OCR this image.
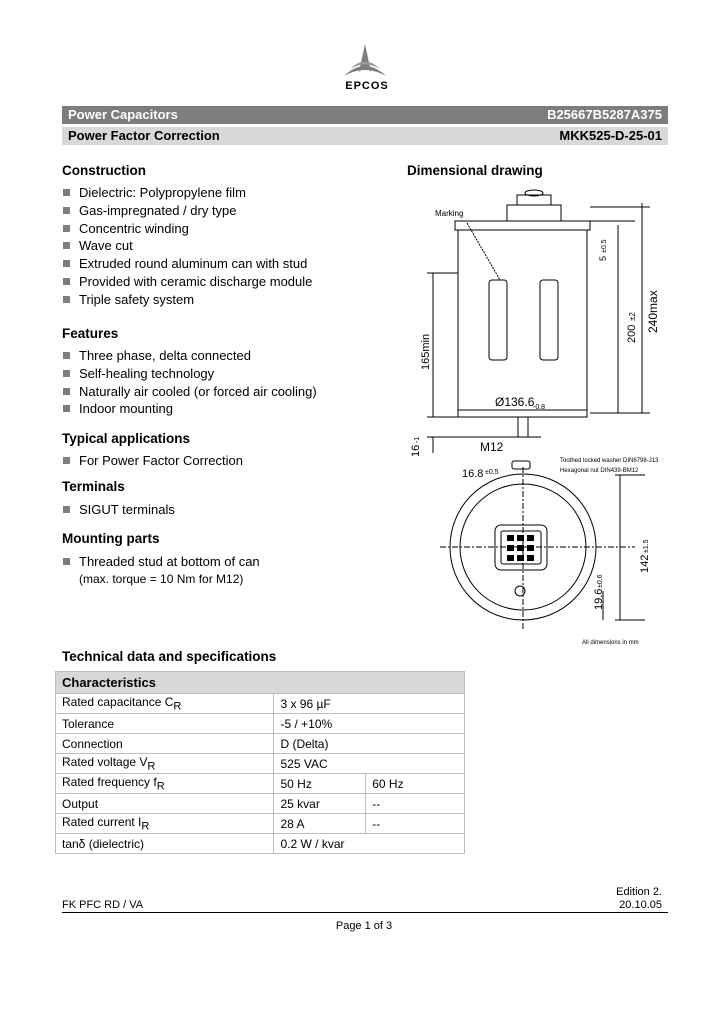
EPCOS
Power Capacitors	B25667B5287A375
Power Factor Correction	MKK525-D-25-01
Construction
Dielectric: Polypropylene film
Gas-impregnated / dry type
Concentric winding
Wave cut
Extruded round aluminum can with stud
Provided with ceramic discharge module
Triple safety system
Features
Three phase, delta connected
Self-healing technology
Naturally air cooled (or forced air cooling)
Indoor mounting
Typical applications
For Power Factor Correction
Terminals
SIGUT terminals
Mounting parts
Threaded stud at bottom of can
(max. torque = 10 Nm for M12)
Dimensional drawing
Marking
5
±0.5
200
±2 240max
165min
Ø136.6
-0.8
M12
16
-1
16.8 ±0.5
Toothed locked washer DIN6798-J13
Hexagonal nut DIN439-BM12
142
±1.5
19.6
±0.6
All dimensions in mm
Technical data and specifications
Characteristics		
Rated capacitance $C_R$	3 x 96 µF	
Tolerance	-5 / +10%	
Connection	D (Delta)	
Rated voltage $V_R$	525 VAC	
Rated frequency $f_R$	50 Hz	60 Hz
Output	25 kvar	--
Rated current $I_R$	28 A	--
tanδ (dielectric)	0.2 W / kvar	
Edition 2.
FK PFC RD / VA	20.10.05
Page 1 of 3
